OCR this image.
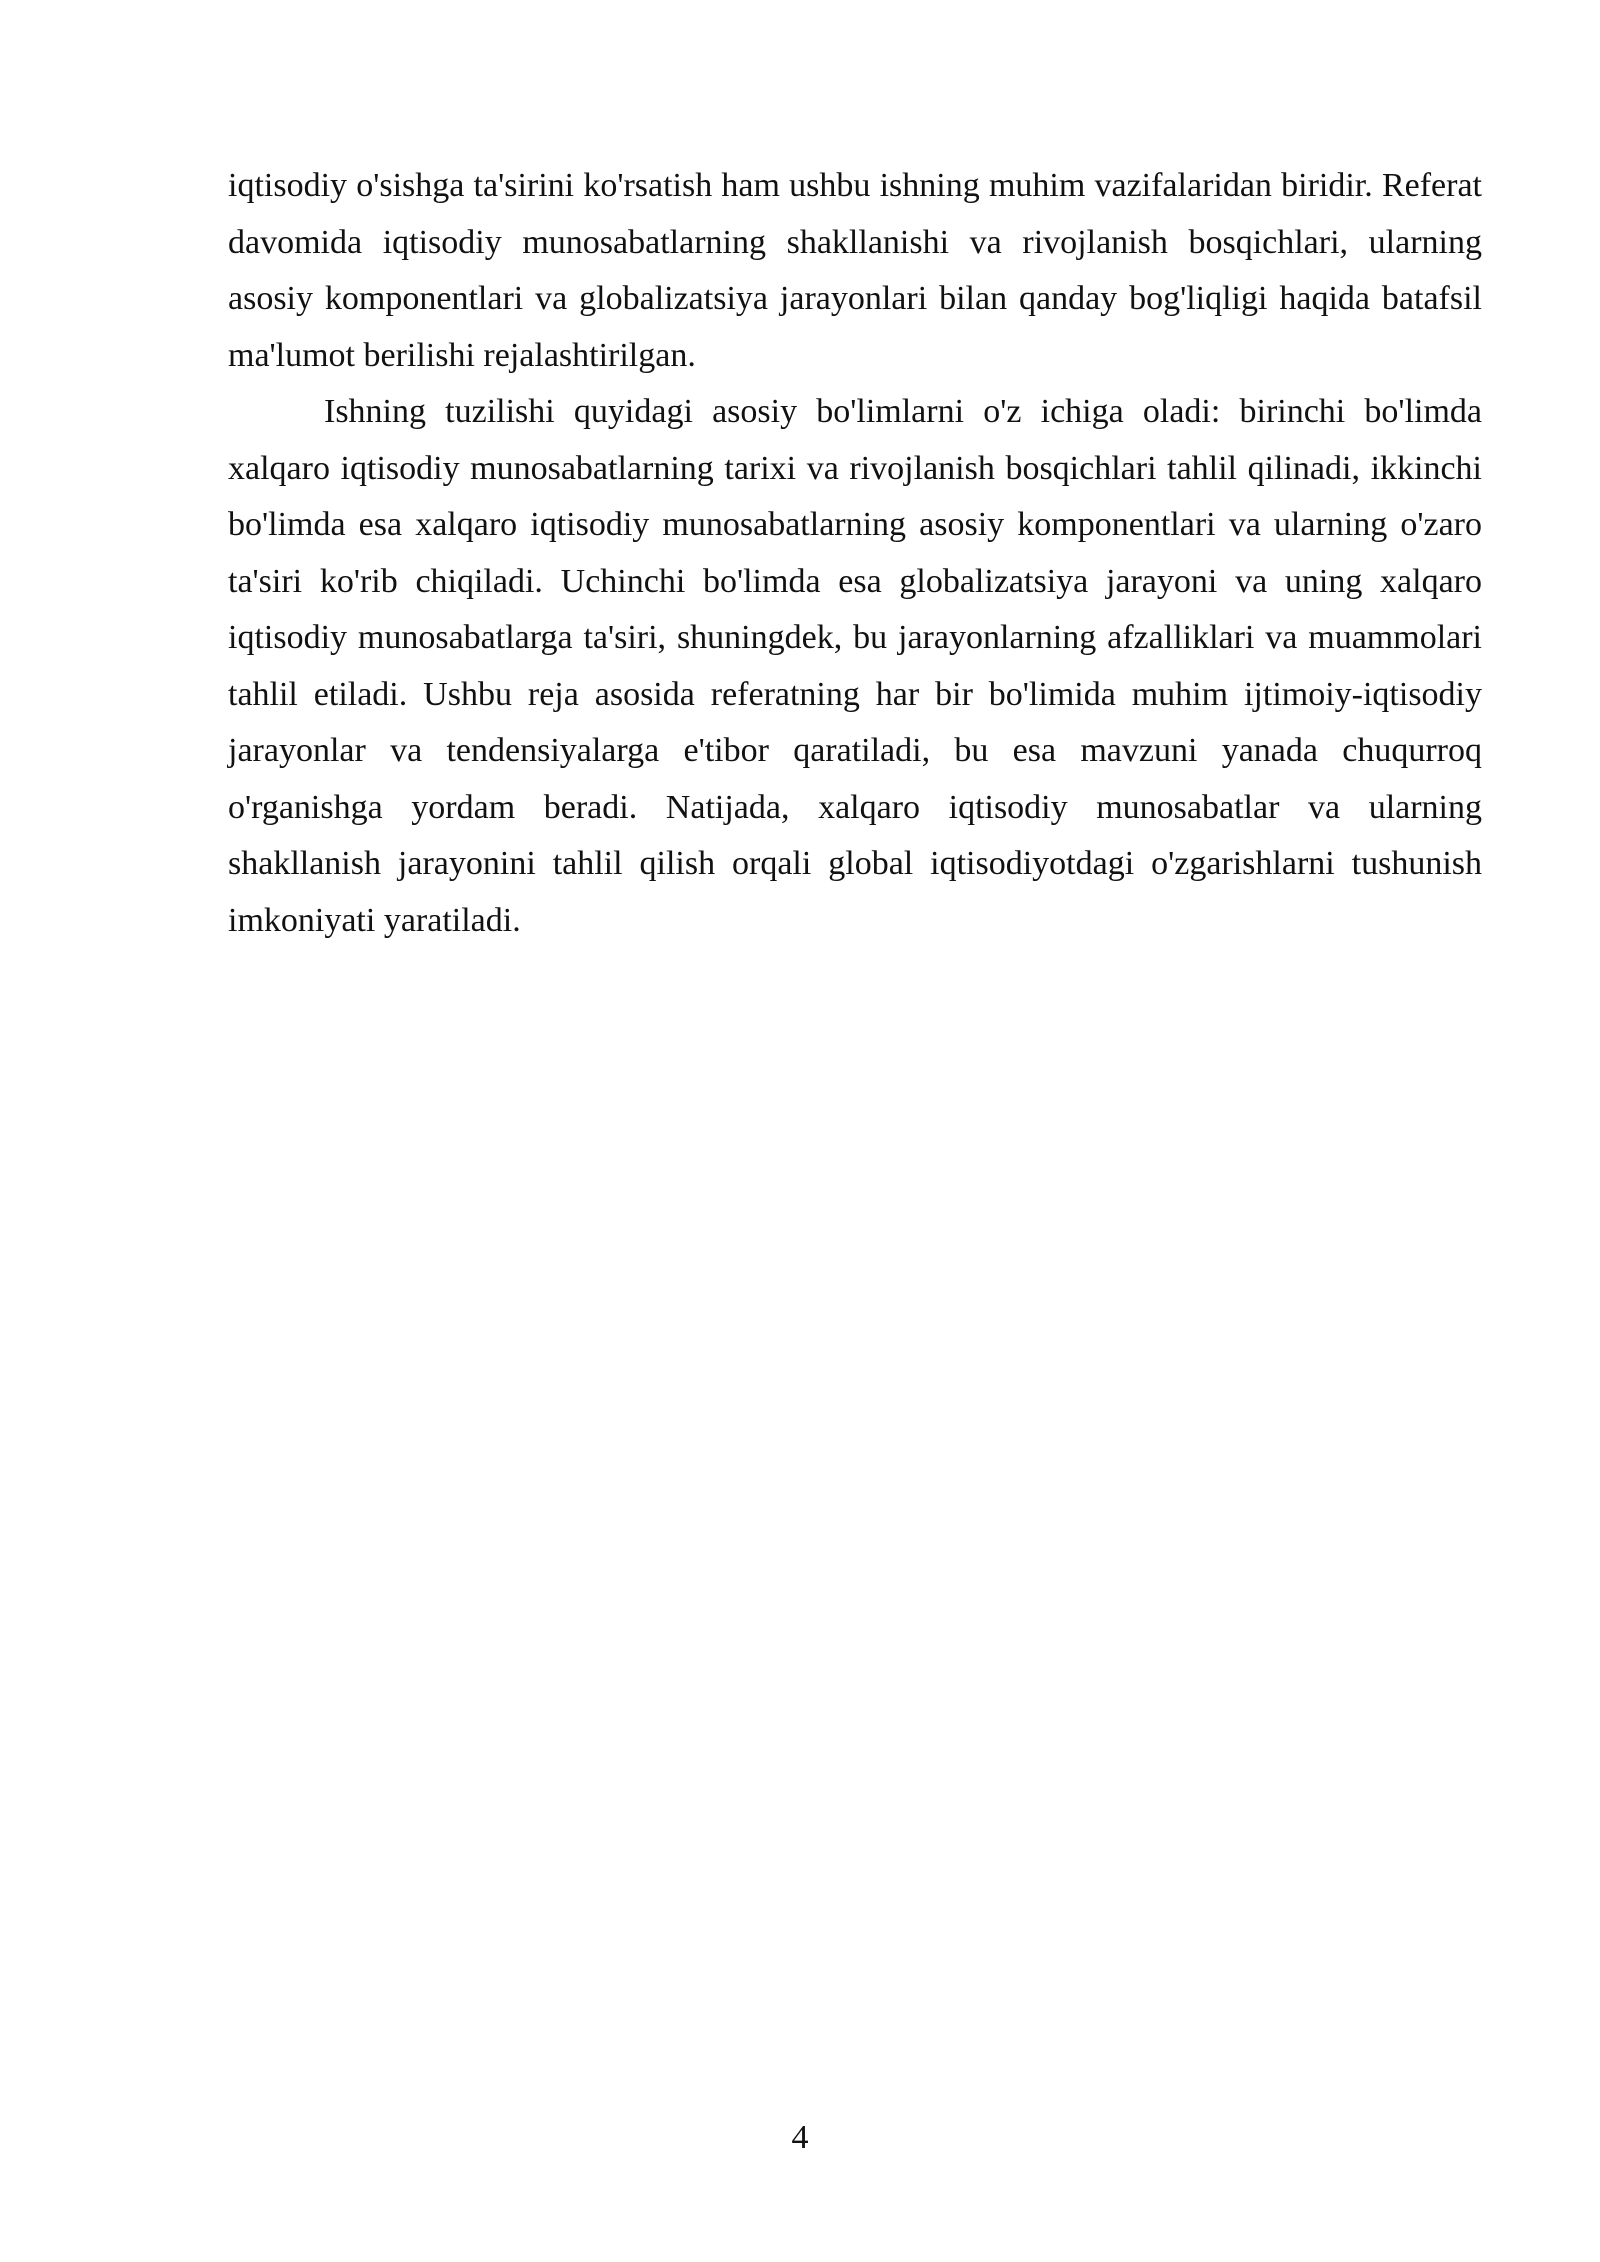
iqtisodiy o'sishga ta'sirini ko'rsatish ham ushbu ishning muhim vazifalaridan biridir. Referat davomida iqtisodiy munosabatlarning shakllanishi va rivojlanish bosqichlari, ularning asosiy komponentlari va globalizatsiya jarayonlari bilan qanday bog'liqligi haqida batafsil ma'lumot berilishi rejalashtirilgan.

Ishning tuzilishi quyidagi asosiy bo'limlarni o'z ichiga oladi: birinchi bo'limda xalqaro iqtisodiy munosabatlarning tarixi va rivojlanish bosqichlari tahlil qilinadi, ikkinchi bo'limda esa xalqaro iqtisodiy munosabatlarning asosiy komponentlari va ularning o'zaro ta'siri ko'rib chiqiladi. Uchinchi bo'limda esa globalizatsiya jarayoni va uning xalqaro iqtisodiy munosabatlarga ta'siri, shuningdek, bu jarayonlarning afzalliklari va muammolari tahlil etiladi. Ushbu reja asosida referatning har bir bo'limida muhim ijtimoiy-iqtisodiy jarayonlar va tendensiyalarga e'tibor qaratiladi, bu esa mavzuni yanada chuqurroq o'rganishga yordam beradi. Natijada, xalqaro iqtisodiy munosabatlar va ularning shakllanish jarayonini tahlil qilish orqali global iqtisodiyotdagi o'zgarishlarni tushunish imkoniyati yaratiladi.

4
